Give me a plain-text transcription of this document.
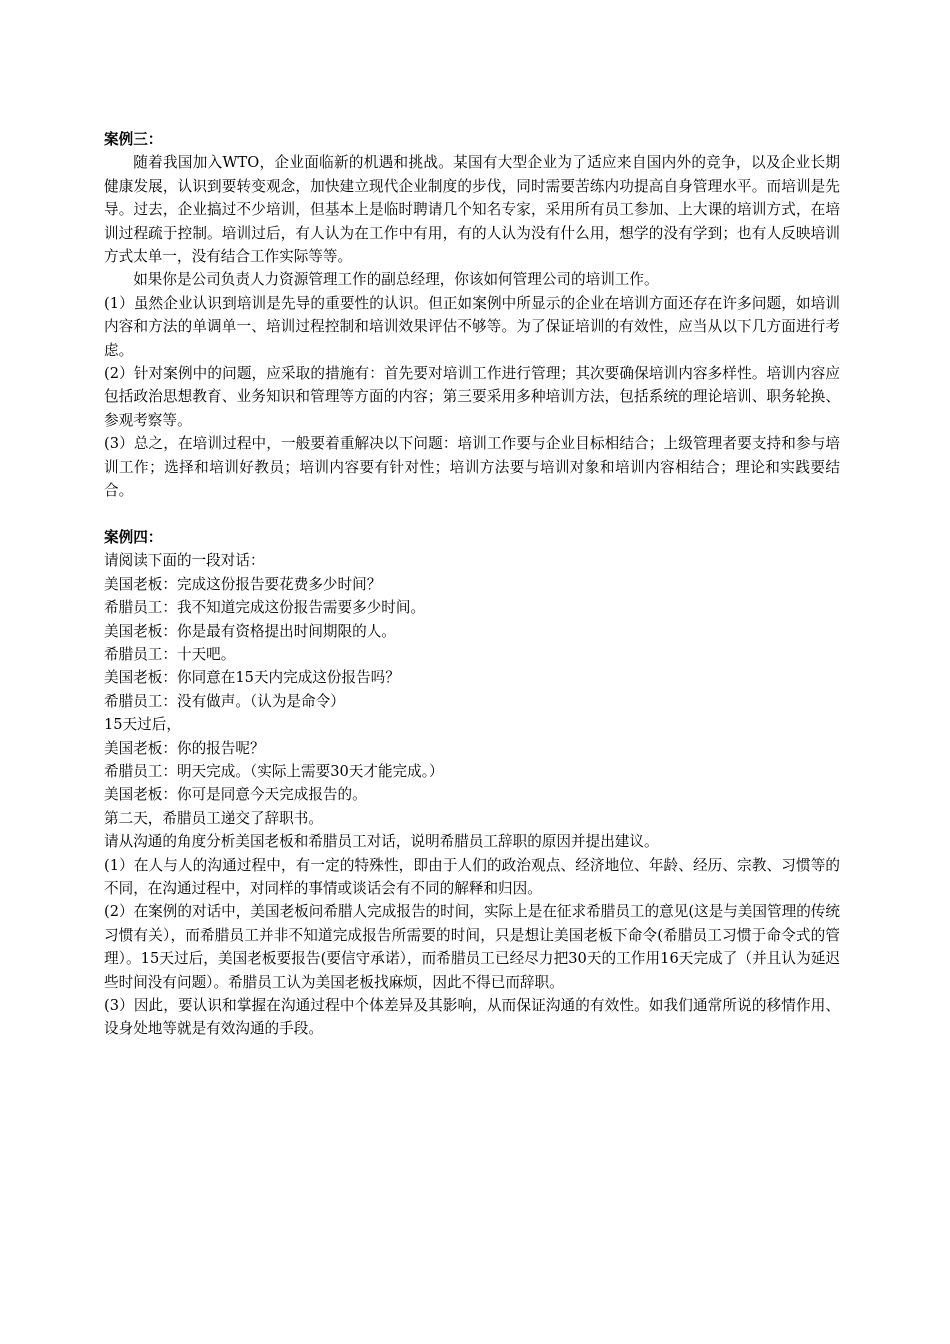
案例三：

随着我国加入WTO，企业面临新的机遇和挑战。某国有大型企业为了适应来自国内外的竞争，以及企业长期健康发展，认识到要转变观念，加快建立现代企业制度的步伐，同时需要苦练内功提高自身管理水平。而培训是先导。过去，企业搞过不少培训，但基本上是临时聘请几个知名专家，采用所有员工参加、上大课的培训方式，在培训过程疏于控制。培训过后，有人认为在工作中有用，有的人认为没有什么用，想学的没有学到；也有人反映培训方式太单一，没有结合工作实际等等。

如果你是公司负责人力资源管理工作的副总经理，你该如何管理公司的培训工作。

(1）虽然企业认识到培训是先导的重要性的认识。但正如案例中所显示的企业在培训方面还存在许多问题，如培训内容和方法的单调单一、培训过程控制和培训效果评估不够等。为了保证培训的有效性，应当从以下几方面进行考虑。

(2）针对案例中的问题，应采取的措施有：首先要对培训工作进行管理；其次要确保培训内容多样性。培训内容应包括政治思想教育、业务知识和管理等方面的内容；第三要采用多种培训方法，包括系统的理论培训、职务轮换、参观考察等。

(3）总之，在培训过程中，一般要着重解决以下问题：培训工作要与企业目标相结合；上级管理者要支持和参与培训工作；选择和培训好教员；培训内容要有针对性；培训方法要与培训对象和培训内容相结合；理论和实践要结合。

案例四：

请阅读下面的一段对话：

美国老板：完成这份报告要花费多少时间？

希腊员工：我不知道完成这份报告需要多少时间。

美国老板：你是最有资格提出时间期限的人。

希腊员工：十天吧。

美国老板：你同意在15天内完成这份报告吗？

希腊员工：没有做声。（认为是命令）

15天过后，

美国老板：你的报告呢？

希腊员工：明天完成。（实际上需要30天才能完成。）

美国老板：你可是同意今天完成报告的。

第二天，希腊员工递交了辞职书。

请从沟通的角度分析美国老板和希腊员工对话，说明希腊员工辞职的原因并提出建议。

(1）在人与人的沟通过程中，有一定的特殊性，即由于人们的政治观点、经济地位、年龄、经历、宗教、习惯等的不同，在沟通过程中，对同样的事情或谈话会有不同的解释和归因。

(2）在案例的对话中，美国老板问希腊人完成报告的时间，实际上是在征求希腊员工的意见(这是与美国管理的传统习惯有关），而希腊员工并非不知道完成报告所需要的时间，只是想让美国老板下命令(希腊员工习惯于命令式的管理）。15天过后，美国老板要报告(要信守承诺），而希腊员工已经尽力把30天的工作用16天完成了（并且认为延迟些时间没有问题）。希腊员工认为美国老板找麻烦，因此不得已而辞职。

(3）因此，要认识和掌握在沟通过程中个体差异及其影响，从而保证沟通的有效性。如我们通常所说的移情作用、设身处地等就是有效沟通的手段。
